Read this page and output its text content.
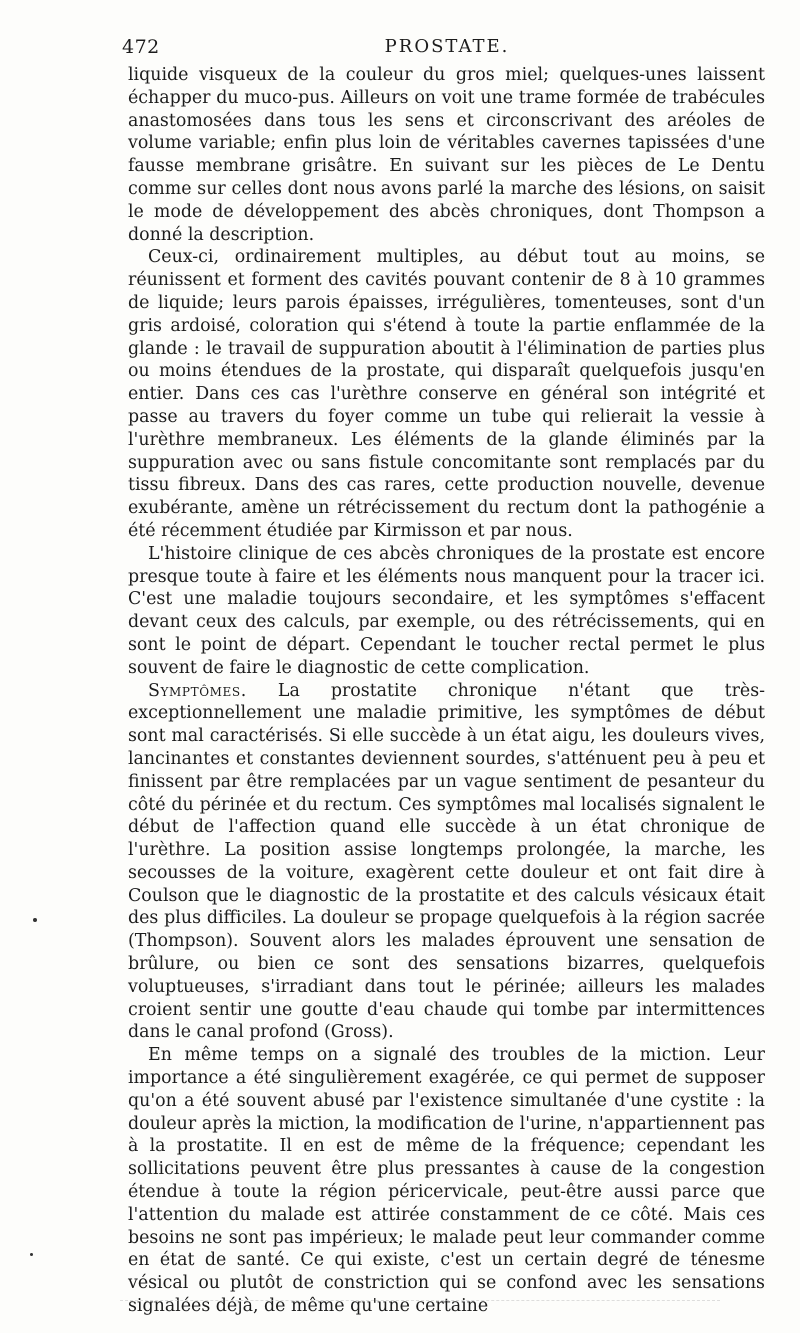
472	PROSTATE.

liquide visqueux de la couleur du gros miel; quelques-unes laissent échapper du muco-pus. Ailleurs on voit une trame formée de trabécules anastomosées dans tous les sens et circonscrivant des aréoles de volume variable; enfin plus loin de véritables cavernes tapissées d'une fausse membrane grisâtre. En suivant sur les pièces de Le Dentu comme sur celles dont nous avons parlé la marche des lésions, on saisit le mode de développement des abcès chroniques, dont Thompson a donné la description.

Ceux-ci, ordinairement multiples, au début tout au moins, se réunissent et forment des cavités pouvant contenir de 8 à 10 grammes de liquide; leurs parois épaisses, irrégulières, tomenteuses, sont d'un gris ardoisé, coloration qui s'étend à toute la partie enflammée de la glande : le travail de suppuration aboutit à l'élimination de parties plus ou moins étendues de la prostate, qui disparaît quelquefois jusqu'en entier. Dans ces cas l'urèthre conserve en général son intégrité et passe au travers du foyer comme un tube qui relierait la vessie à l'urèthre membraneux. Les éléments de la glande éliminés par la suppuration avec ou sans fistule concomitante sont remplacés par du tissu fibreux. Dans des cas rares, cette production nouvelle, devenue exubérante, amène un rétrécissement du rectum dont la pathogénie a été récemment étudiée par Kirmisson et par nous.

L'histoire clinique de ces abcès chroniques de la prostate est encore presque toute à faire et les éléments nous manquent pour la tracer ici. C'est une maladie toujours secondaire, et les symptômes s'effacent devant ceux des calculs, par exemple, ou des rétrécissements, qui en sont le point de départ. Cependant le toucher rectal permet le plus souvent de faire le diagnostic de cette complication.

Symptômes. La prostatite chronique n'étant que très-exceptionnellement une maladie primitive, les symptômes de début sont mal caractérisés. Si elle succède à un état aigu, les douleurs vives, lancinantes et constantes deviennent sourdes, s'atténuent peu à peu et finissent par être remplacées par un vague sentiment de pesanteur du côté du périnée et du rectum. Ces symptômes mal localisés signalent le début de l'affection quand elle succède à un état chronique de l'urèthre. La position assise longtemps prolongée, la marche, les secousses de la voiture, exagèrent cette douleur et ont fait dire à Coulson que le diagnostic de la prostatite et des calculs vésicaux était des plus difficiles. La douleur se propage quelquefois à la région sacrée (Thompson). Souvent alors les malades éprouvent une sensation de brûlure, ou bien ce sont des sensations bizarres, quelquefois voluptueuses, s'irradiant dans tout le périnée; ailleurs les malades croient sentir une goutte d'eau chaude qui tombe par intermittences dans le canal profond (Gross).

En même temps on a signalé des troubles de la miction. Leur importance a été singulièrement exagérée, ce qui permet de supposer qu'on a été souvent abusé par l'existence simultanée d'une cystite : la douleur après la miction, la modification de l'urine, n'appartiennent pas à la prostatite. Il en est de même de la fréquence; cependant les sollicitations peuvent être plus pressantes à cause de la congestion étendue à toute la région péricervicale, peut-être aussi parce que l'attention du malade est attirée constamment de ce côté. Mais ces besoins ne sont pas impérieux; le malade peut leur commander comme en état de santé. Ce qui existe, c'est un certain degré de ténesme vésical ou plutôt de constriction qui se confond avec les sensations signalées déjà, de même qu'une certaine
